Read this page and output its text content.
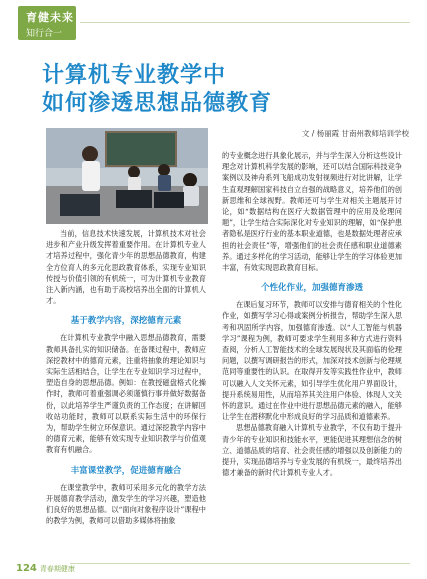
育健未来
知行合一
计算机专业教学中
如何渗透思想品德教育
文 / 杨丽霞 甘南州教师培训学校

当前，信息技术快速发展，计算机技术对社会进步和产业升级发挥着重要作用。在计算机专业人才培养过程中，强化青少年的思想品德教育，构建全方位育人的多元化思政教育体系，实现专业知识传授与价值引领的有机统一，可为计算机专业教育注入新内涵，也有助于高校培养出全面的计算机人才。

基于教学内容，深挖德育元素

在计算机专业教学中融入思想品德教育，需要教师具备扎实的知识储备。在备课过程中，教师应深挖教材中的德育元素，注重将抽象的理论知识与实际生活相结合，让学生在专业知识学习过程中，塑造自身的思想品德。例如：在教授磁盘格式化操作时，教师可着重强调必须谨慎行事并做好数据备份，以此培养学生严谨负责的工作态度；在讲解回收站功能时，教师可以联系实际生活中的环保行为，帮助学生树立环保意识。通过深挖教学内容中的德育元素，能够有效实现专业知识教学与价值观教育有机融合。

丰富课堂教学，促进德育融合

在课堂教学中，教师可采用多元化的教学方法开展德育教学活动，激发学生的学习兴趣，塑造他们良好的思想品德。以“面向对象程序设计”课程中的教学为例，教师可以借助多媒体将抽象

的专业概念进行具象化展示，并与学生深入分析这些设计理念对计算机科学发展的影响，还可以结合国际科技竞争案例以及神舟系列飞船成功发射视频进行对比讲解，让学生直观理解国家科技自立自强的战略意义，培养他们的创新思维和全球视野。教师还可与学生对相关主题展开讨论，如“数据结构在医疗大数据管理中的应用及伦理问题”，让学生结合实际深化对专业知识的理解，如“保护患者隐私是医疗行业的基本职业道德，也是数据处理者应承担的社会责任”等，增强他们的社会责任感和职业道德素养。通过多样化的学习活动，能够让学生的学习体验更加丰富，有效实现思政教育目标。

个性化作业，加强德育渗透

在课后复习环节，教师可以安排与德育相关的个性化作业，如撰写学习心得或案例分析报告，帮助学生深入思考和巩固所学内容，加强德育渗透。以“人工智能与机器学习”课程为例，教师可要求学生利用多种方式进行资料查阅，分析人工智能技术的全球发展现状及其面临的伦理问题，以撰写调研报告的形式，加深对技术创新与伦理规范同等重要性的认识。在取得开发等实践性作业中，教师可以融入人文关怀元素，如引导学生优化用户界面设计，提升系统易用性，从而培养其关注用户体验、体现人文关怀的意识。通过在作业中进行思想品德元素的融入，能够让学生在潜移默化中形成良好的学习品质和道德素养。

思想品德教育融入计算机专业教学，不仅有助于提升青少年的专业知识和技能水平，更能促进其理想信念的树立、道德品质的培育、社会责任感的增强以及创新能力的提升，实现品德培养与专业发展的有机统一，最终培养出德才兼备的新时代计算机专业人才。

124 青春期健康
